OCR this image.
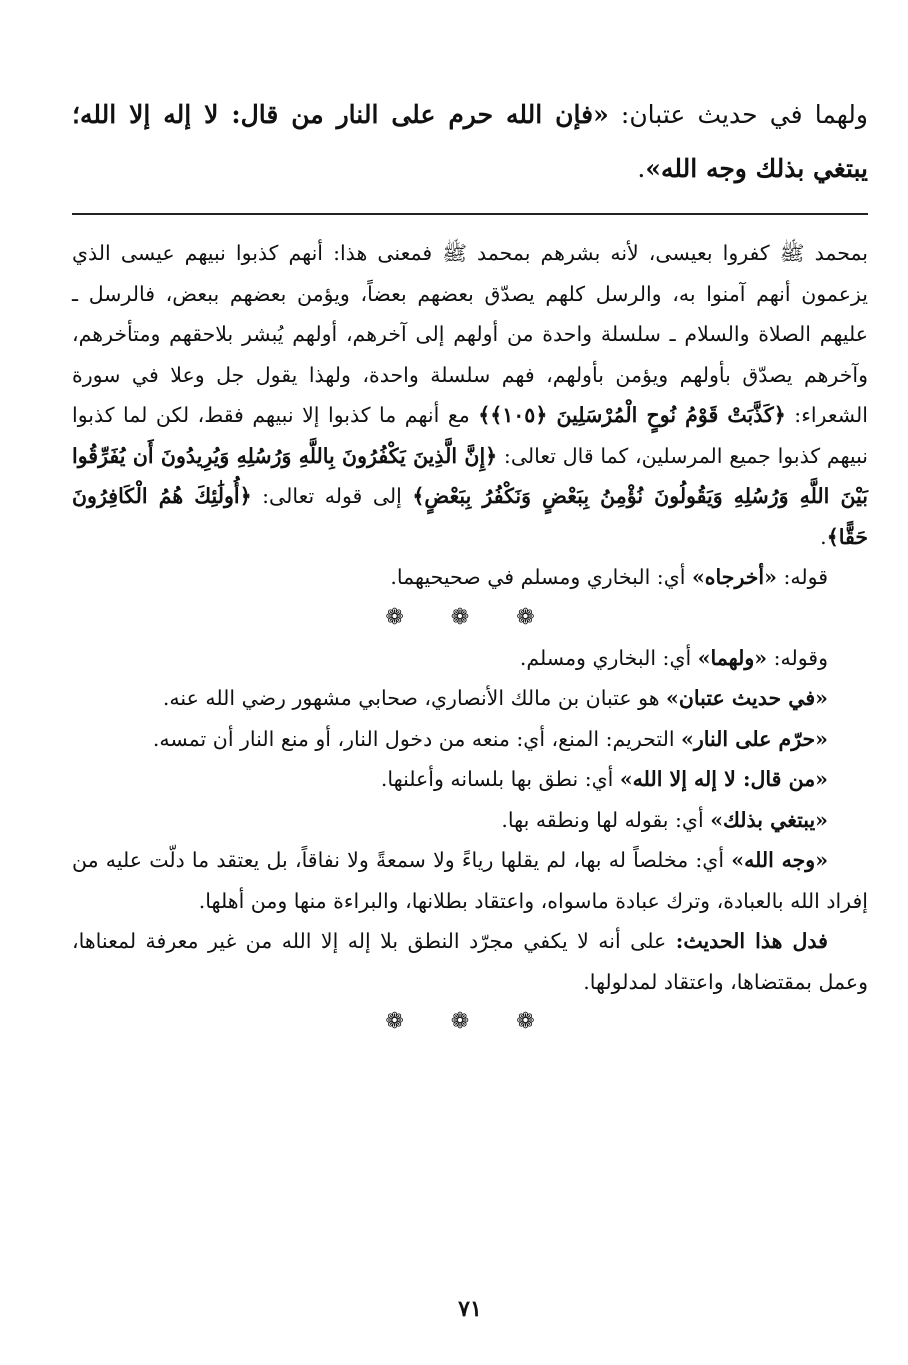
ولهما في حديث عتبان: «فإن الله حرم على النار من قال: لا إله إلا الله؛ يبتغي بذلك وجه الله».

بمحمد ﷺ كفروا بعيسى، لأنه بشرهم بمحمد ﷺ فمعنى هذا: أنهم كذبوا نبيهم عيسى الذي يزعمون أنهم آمنوا به، والرسل كلهم يصدّق بعضهم بعضاً، ويؤمن بعضهم ببعض، فالرسل ـ عليهم الصلاة والسلام ـ سلسلة واحدة من أولهم إلى آخرهم، أولهم يُبشر بلاحقهم ومتأخرهم، وآخرهم يصدّق بأولهم ويؤمن بأولهم، فهم سلسلة واحدة، ولهذا يقول جل وعلا في سورة الشعراء: ﴿كَذَّبَتْ قَوْمُ نُوحٍ الْمُرْسَلِينَ ﴿١٠٥﴾﴾ مع أنهم ما كذبوا إلا نبيهم فقط، لكن لما كذبوا نبيهم كذبوا جميع المرسلين، كما قال تعالى: ﴿إِنَّ الَّذِينَ يَكْفُرُونَ بِاللَّهِ وَرُسُلِهِ وَيُرِيدُونَ أَن يُفَرِّقُوا بَيْنَ اللَّهِ وَرُسُلِهِ وَيَقُولُونَ نُؤْمِنُ بِبَعْضٍ وَنَكْفُرُ بِبَعْضٍ﴾ إلى قوله تعالى: ﴿أُولَٰئِكَ هُمُ الْكَافِرُونَ حَقًّا﴾.

قوله: «أخرجاه» أي: البخاري ومسلم في صحيحيهما.

❁ ❁ ❁

وقوله: «ولهما» أي: البخاري ومسلم.

«في حديث عتبان» هو عتبان بن مالك الأنصاري، صحابي مشهور رضي الله عنه.

«حرّم على النار» التحريم: المنع، أي: منعه من دخول النار، أو منع النار أن تمسه.

«من قال: لا إله إلا الله» أي: نطق بها بلسانه وأعلنها.

«يبتغي بذلك» أي: بقوله لها ونطقه بها.

«وجه الله» أي: مخلصاً له بها، لم يقلها رياءً ولا سمعةً ولا نفاقاً، بل يعتقد ما دلّت عليه من إفراد الله بالعبادة، وترك عبادة ماسواه، واعتقاد بطلانها، والبراءة منها ومن أهلها.

فدل هذا الحديث: على أنه لا يكفي مجرّد النطق بلا إله إلا الله من غير معرفة لمعناها، وعمل بمقتضاها، واعتقاد لمدلولها.

❁ ❁ ❁
٧١
